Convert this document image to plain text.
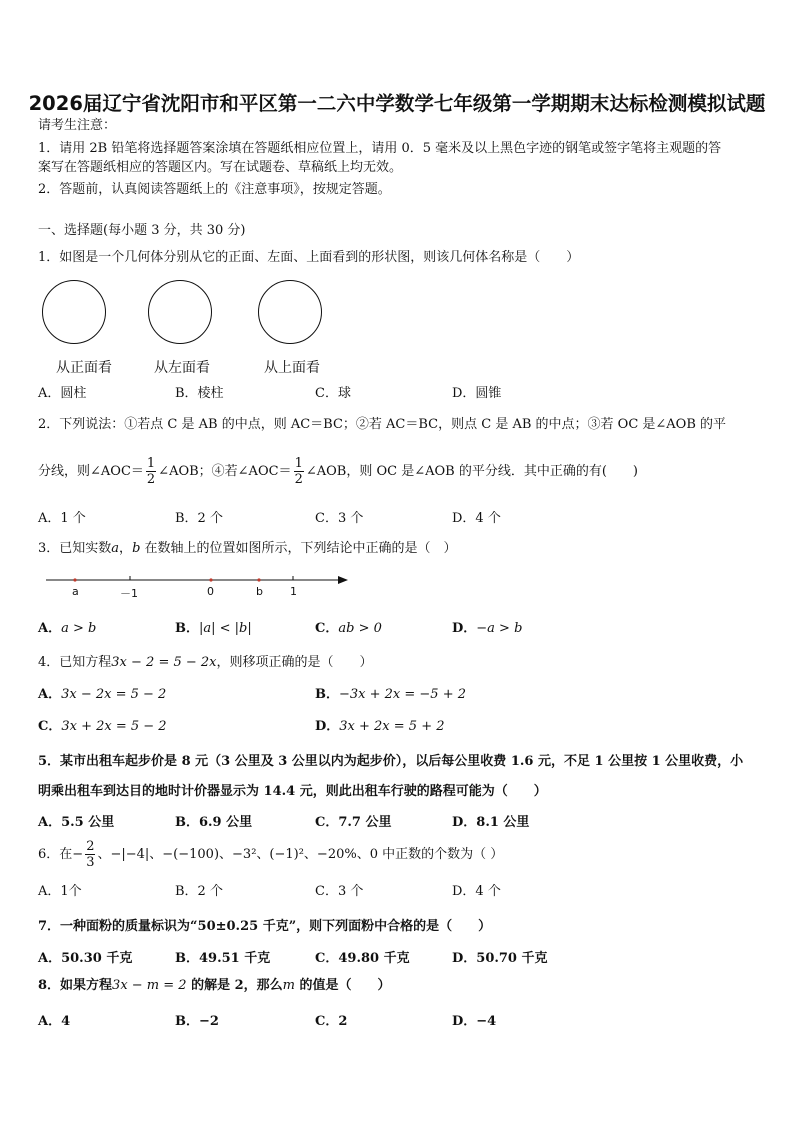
2026届辽宁省沈阳市和平区第一二六中学数学七年级第一学期期末达标检测模拟试题
请考生注意：
1．请用 2B 铅笔将选择题答案涂填在答题纸相应位置上，请用 0．5 毫米及以上黑色字迹的钢笔或签字笔将主观题的答
案写在答题纸相应的答题区内。写在试题卷、草稿纸上均无效。
2．答题前，认真阅读答题纸上的《注意事项》，按规定答题。
一、选择题(每小题 3 分，共 30 分)
1．如图是一个几何体分别从它的正面、左面、上面看到的形状图，则该几何体名称是（　　）
从正面看	从左面看	从上面看
A．圆柱	B．棱柱	C．球	D．圆锥
2．下列说法：①若点 C 是 AB 的中点，则 AC＝BC；②若 AC＝BC，则点 C 是 AB 的中点；③若 OC 是∠AOB 的平
分线，则∠AOC＝ $\frac{1}{2}$ ∠AOB；④若∠AOC＝ $\frac{1}{2}$ ∠AOB，则 OC 是∠AOB 的平分线．其中正确的有(　　)
A．1 个	B．2 个	C．3 个	D．4 个
3．已知实数a，b 在数轴上的位置如图所示，下列结论中正确的是（　）
a	－1	0	b 1
A．a > b	B．|a| < |b|	C．ab > 0	D．−a > b
4．已知方程3x − 2 = 5 − 2x，则移项正确的是（　　）
A．3x − 2x = 5 − 2	B．−3x + 2x = −5 + 2
C．3x + 2x = 5 − 2	D．3x + 2x = 5 + 2
5．某市出租车起步价是 8 元（3 公里及 3 公里以内为起步价），以后每公里收费 1.6 元，不足 1 公里按 1 公里收费，小
明乘出租车到达目的地时计价器显示为 14.4 元，则此出租车行驶的路程可能为（　　）
A．5.5 公里	B．6.9 公里	C．7.7 公里	D．8.1 公里
6．在− $\frac{2}{3}$ 、−|−4|、−(−100)、−3²、(−1)²、−20%、0 中正数的个数为（ ）
A．1个	B．2 个	C．3 个	D．4 个
7．一种面粉的质量标识为“50±0.25 千克”，则下列面粉中合格的是（　　）
A．50.30 千克	B．49.51 千克	C．49.80 千克	D．50.70 千克
8．如果方程3x − m = 2 的解是 2，那么m 的值是（　　）
A．4	B．−2	C．2	D．−4
